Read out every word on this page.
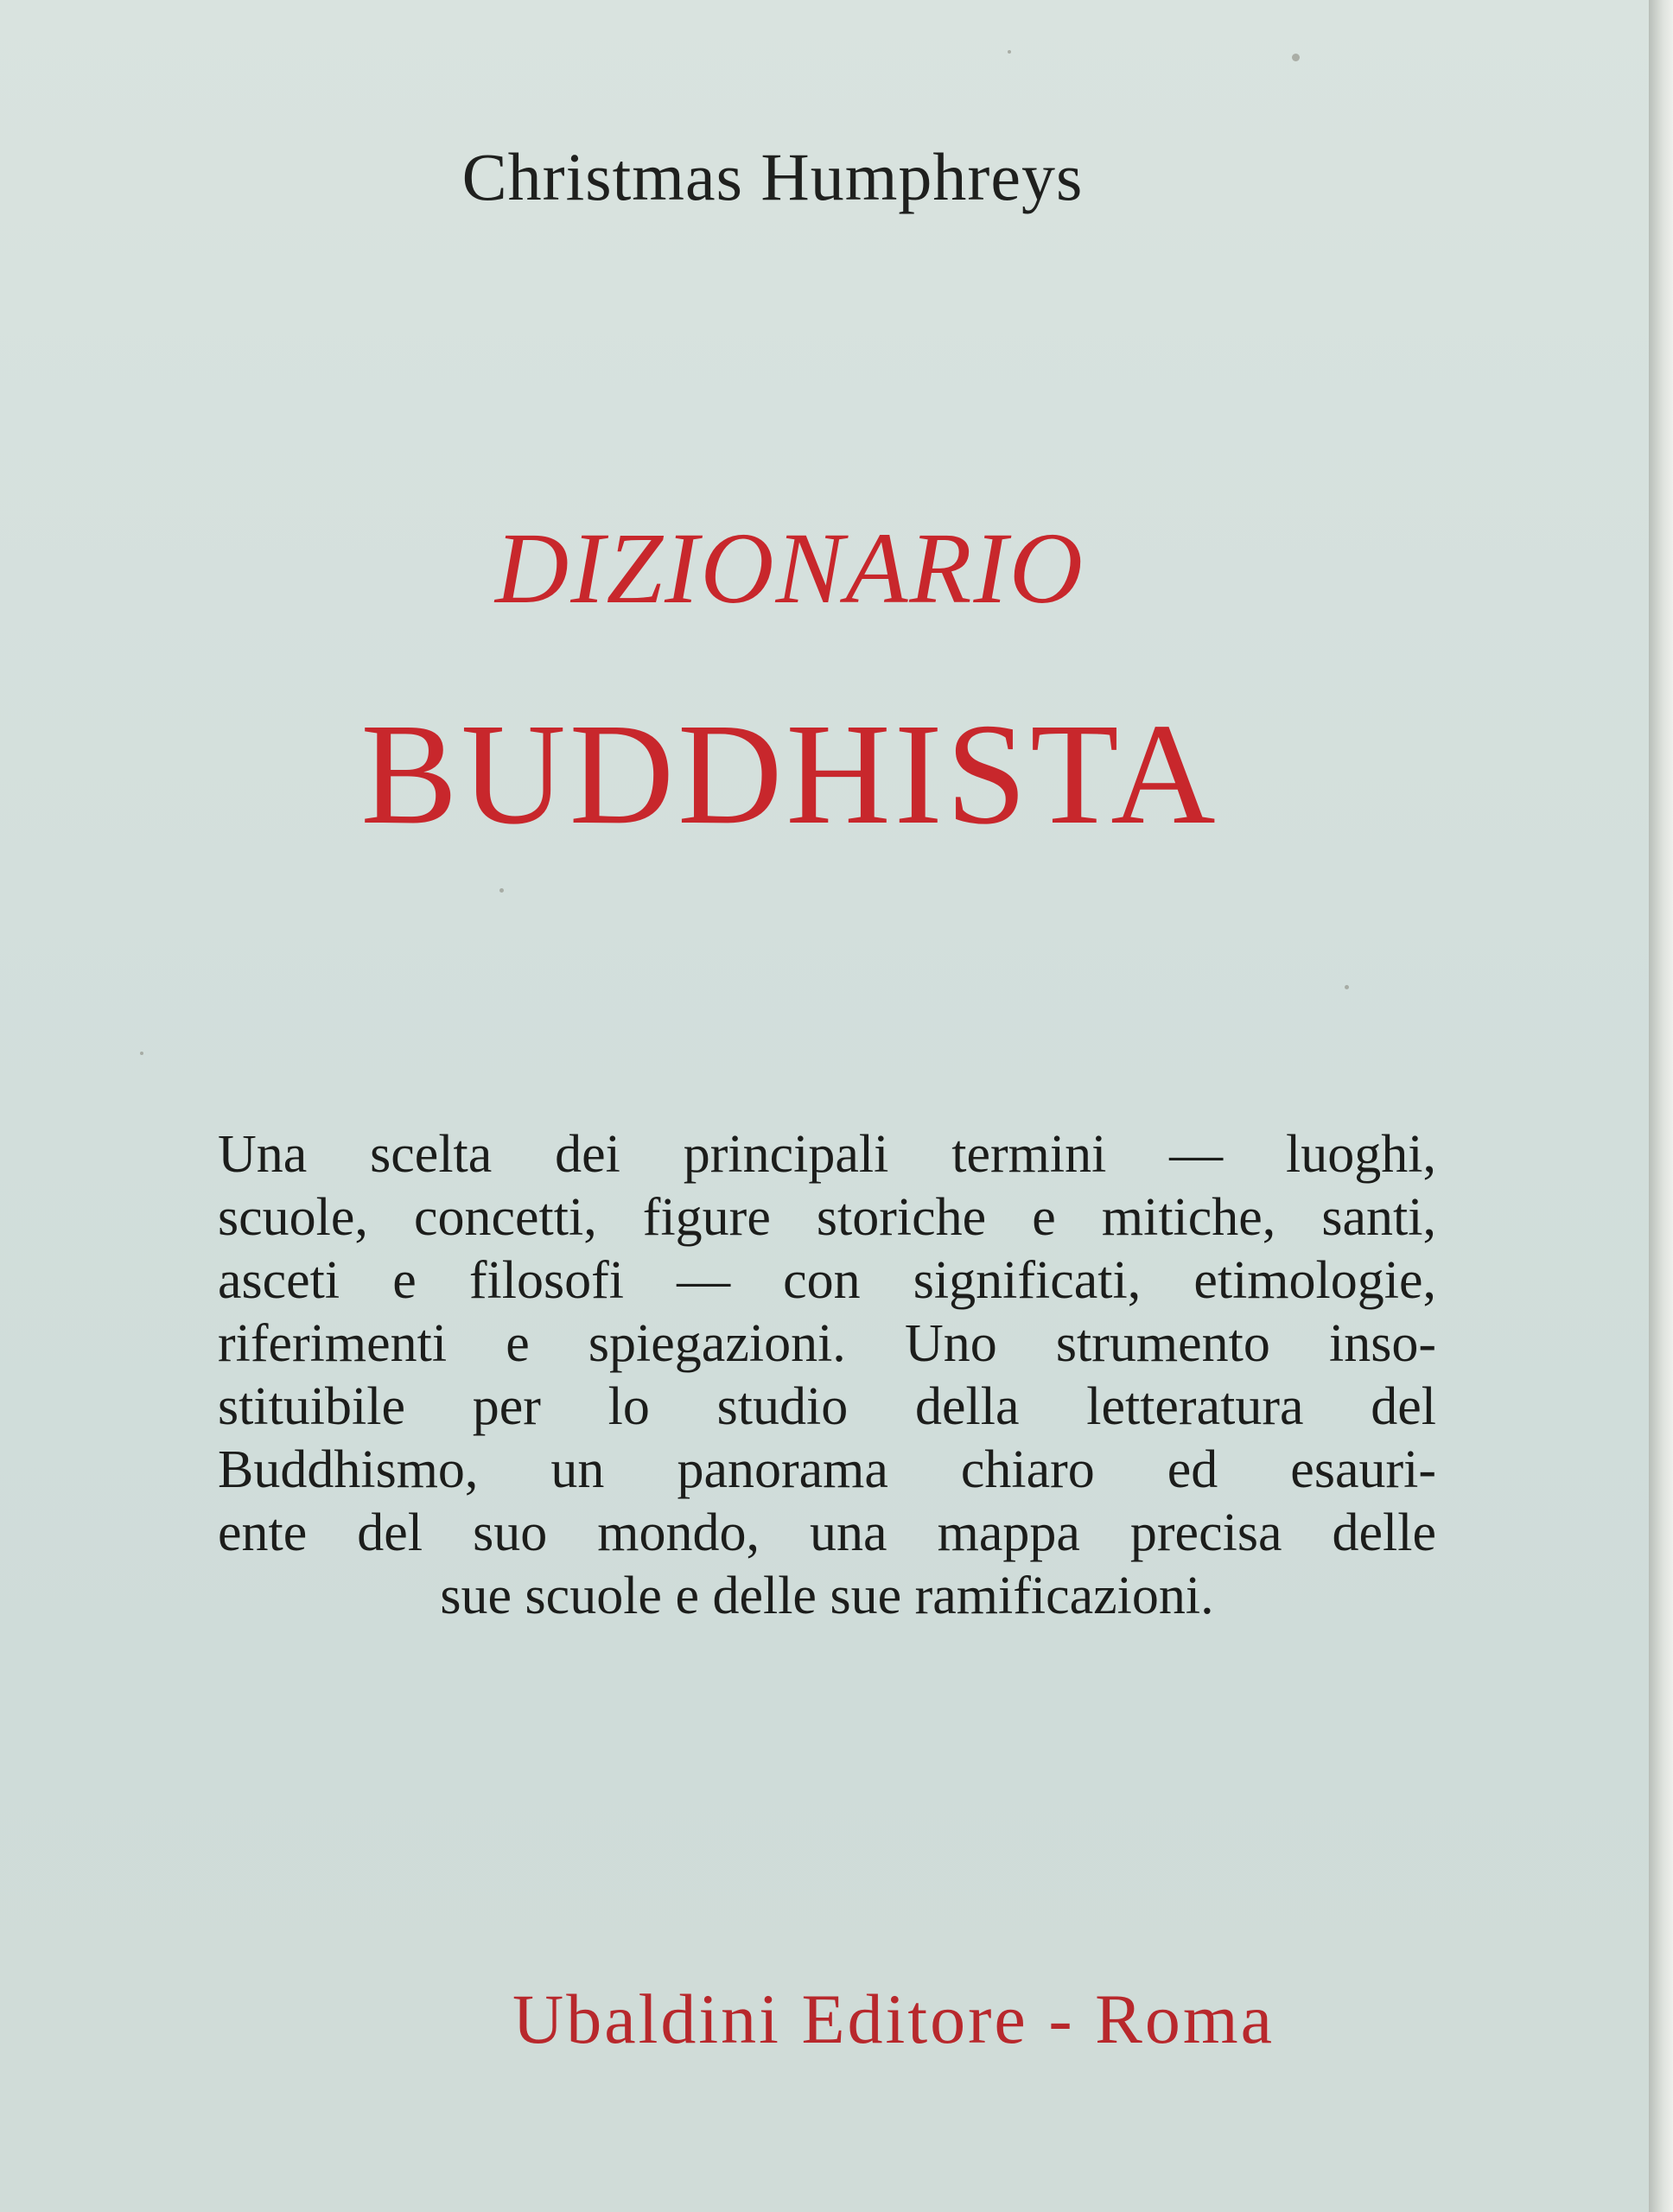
Christmas Humphreys
DIZIONARIO
BUDDHISTA
Una scelta dei principali termini — luoghi,
scuole, concetti, figure storiche e mitiche, santi,
asceti e filosofi — con significati, etimologie,
riferimenti e spiegazioni. Uno strumento inso-
stituibile per lo studio della letteratura del
Buddhismo, un panorama chiaro ed esauri-
ente del suo mondo, una mappa precisa delle
sue scuole e delle sue ramificazioni.
Ubaldini Editore - Roma
